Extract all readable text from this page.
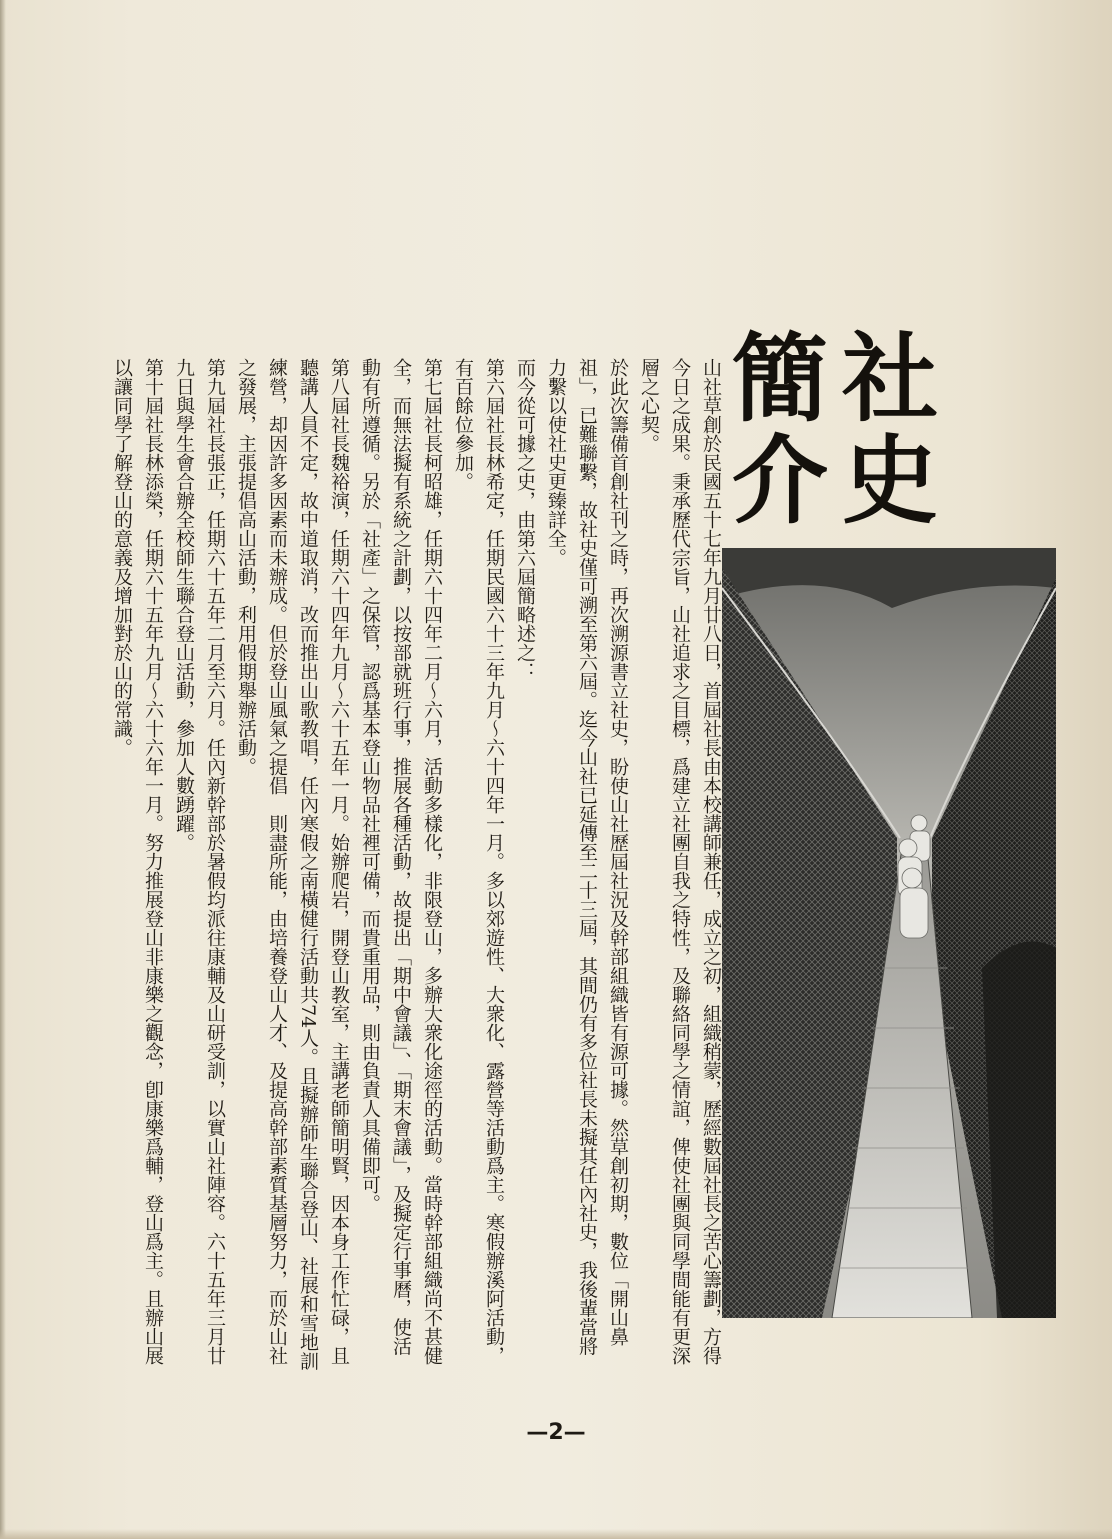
社
史
簡
介

山社草創於民國五十七年九月廿八日，首屆社長由本校講師兼任，成立之初，組織稍蒙，歷經數屆社長之苦心籌劃，方得今日之成果。秉承歷代宗旨，山社追求之目標，爲建立社團自我之特性，及聯絡同學之情誼，俾使社團與同學間能有更深層之心契。

於此次籌備首創社刊之時，再次溯源書立社史，盼使山社歷屆社況及幹部組織皆有源可據。然草創初期，數位「開山鼻祖」，已難聯繫，故社史僅可溯至第六屆。迄今山社已延傳至二十三屆，其間仍有多位社長未擬其任內社史，我後輩當將力繫以使社史更臻詳全。

而今從可據之史，由第六屆簡略述之：

第六屆社長林希定，任期民國六十三年九月～六十四年一月。多以郊遊性、大衆化、露營等活動爲主。寒假辦溪阿活動，有百餘位參加。

第七屆社長柯昭雄，任期六十四年二月～六月，活動多樣化，非限登山，多辦大衆化途徑的活動。當時幹部組織尚不甚健全，而無法擬有系統之計劃，以按部就班行事，推展各種活動，故提出「期中會議」、「期末會議」，及擬定行事曆，使活動有所遵循。另於「社產」之保管，認爲基本登山物品社裡可備，而貴重用品，則由負責人具備即可。

第八屆社長魏裕演，任期六十四年九月～六十五年一月。始辦爬岩，開登山教室，主講老師簡明賢，因本身工作忙碌，且聽講人員不定，故中道取消，改而推出山歌教唱，任內寒假之南橫健行活動共74人。且擬辦師生聯合登山、社展和雪地訓練營，却因許多因素而未辦成。但於登山風氣之提倡　則盡所能，由培養登山人才、及提高幹部素質基層努力，而於山社之發展，主張提倡高山活動，利用假期舉辦活動。

第九屆社長張正，任期六十五年二月至六月。任內新幹部於暑假均派往康輔及山研受訓，以實山社陣容。六十五年三月廿九日與學生會合辦全校師生聯合登山活動，參加人數踴躍。

第十屆社長林添榮，任期六十五年九月～六十六年一月。努力推展登山非康樂之觀念，卽康樂爲輔，登山爲主。且辦山展以讓同學了解登山的意義及增加對於山的常識。

—2—
